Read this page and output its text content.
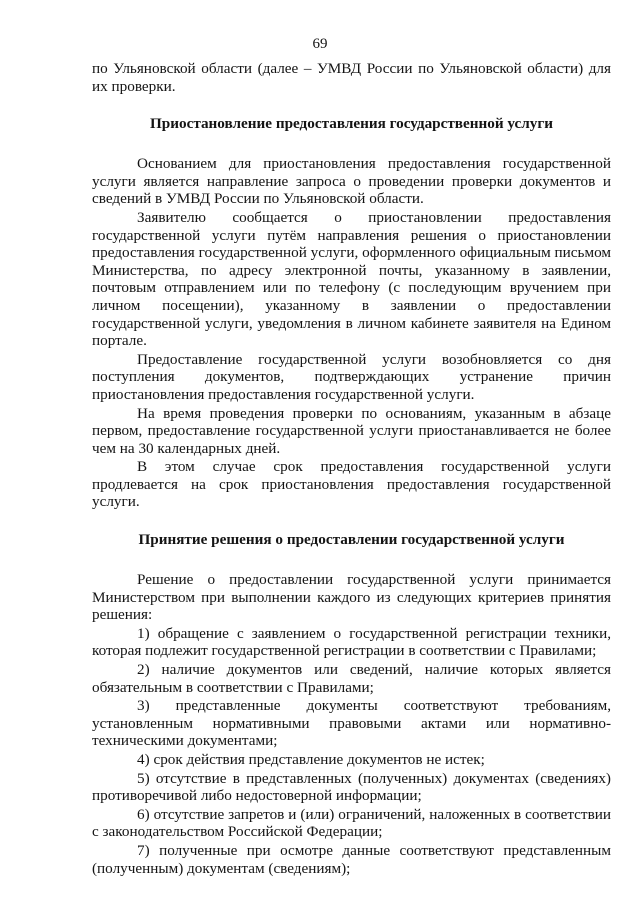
69

по Ульяновской области (далее – УМВД России по Ульяновской области) для их проверки.

Приостановление предоставления государственной услуги

Основанием для приостановления предоставления государственной услуги является направление запроса о проведении проверки документов и сведений в УМВД России по Ульяновской области.

Заявителю сообщается о приостановлении предоставления государственной услуги путём направления решения о приостановлении предоставления государственной услуги, оформленного официальным письмом Министерства, по адресу электронной почты, указанному в заявлении, почтовым отправлением или по телефону (с последующим вручением при личном посещении), указанному в заявлении о предоставлении государственной услуги, уведомления в личном кабинете заявителя на Едином портале.

Предоставление государственной услуги возобновляется со дня поступления документов, подтверждающих устранение причин приостановления предоставления государственной услуги.

На время проведения проверки по основаниям, указанным в абзаце первом, предоставление государственной услуги приостанавливается не более чем на 30 календарных дней.

В этом случае срок предоставления государственной услуги продлевается на срок приостановления предоставления государственной услуги.

Принятие решения о предоставлении государственной услуги

Решение о предоставлении государственной услуги принимается Министерством при выполнении каждого из следующих критериев принятия решения:

1) обращение с заявлением о государственной регистрации техники, которая подлежит государственной регистрации в соответствии с Правилами;

2) наличие документов или сведений, наличие которых является обязательным в соответствии с Правилами;

3) представленные документы соответствуют требованиям, установленным нормативными правовыми актами или нормативно-техническими документами;

4) срок действия представление документов не истек;

5) отсутствие в представленных (полученных) документах (сведениях) противоречивой либо недостоверной информации;

6) отсутствие запретов и (или) ограничений, наложенных в соответствии с законодательством Российской Федерации;

7) полученные при осмотре данные соответствуют представленным (полученным) документам (сведениям);
